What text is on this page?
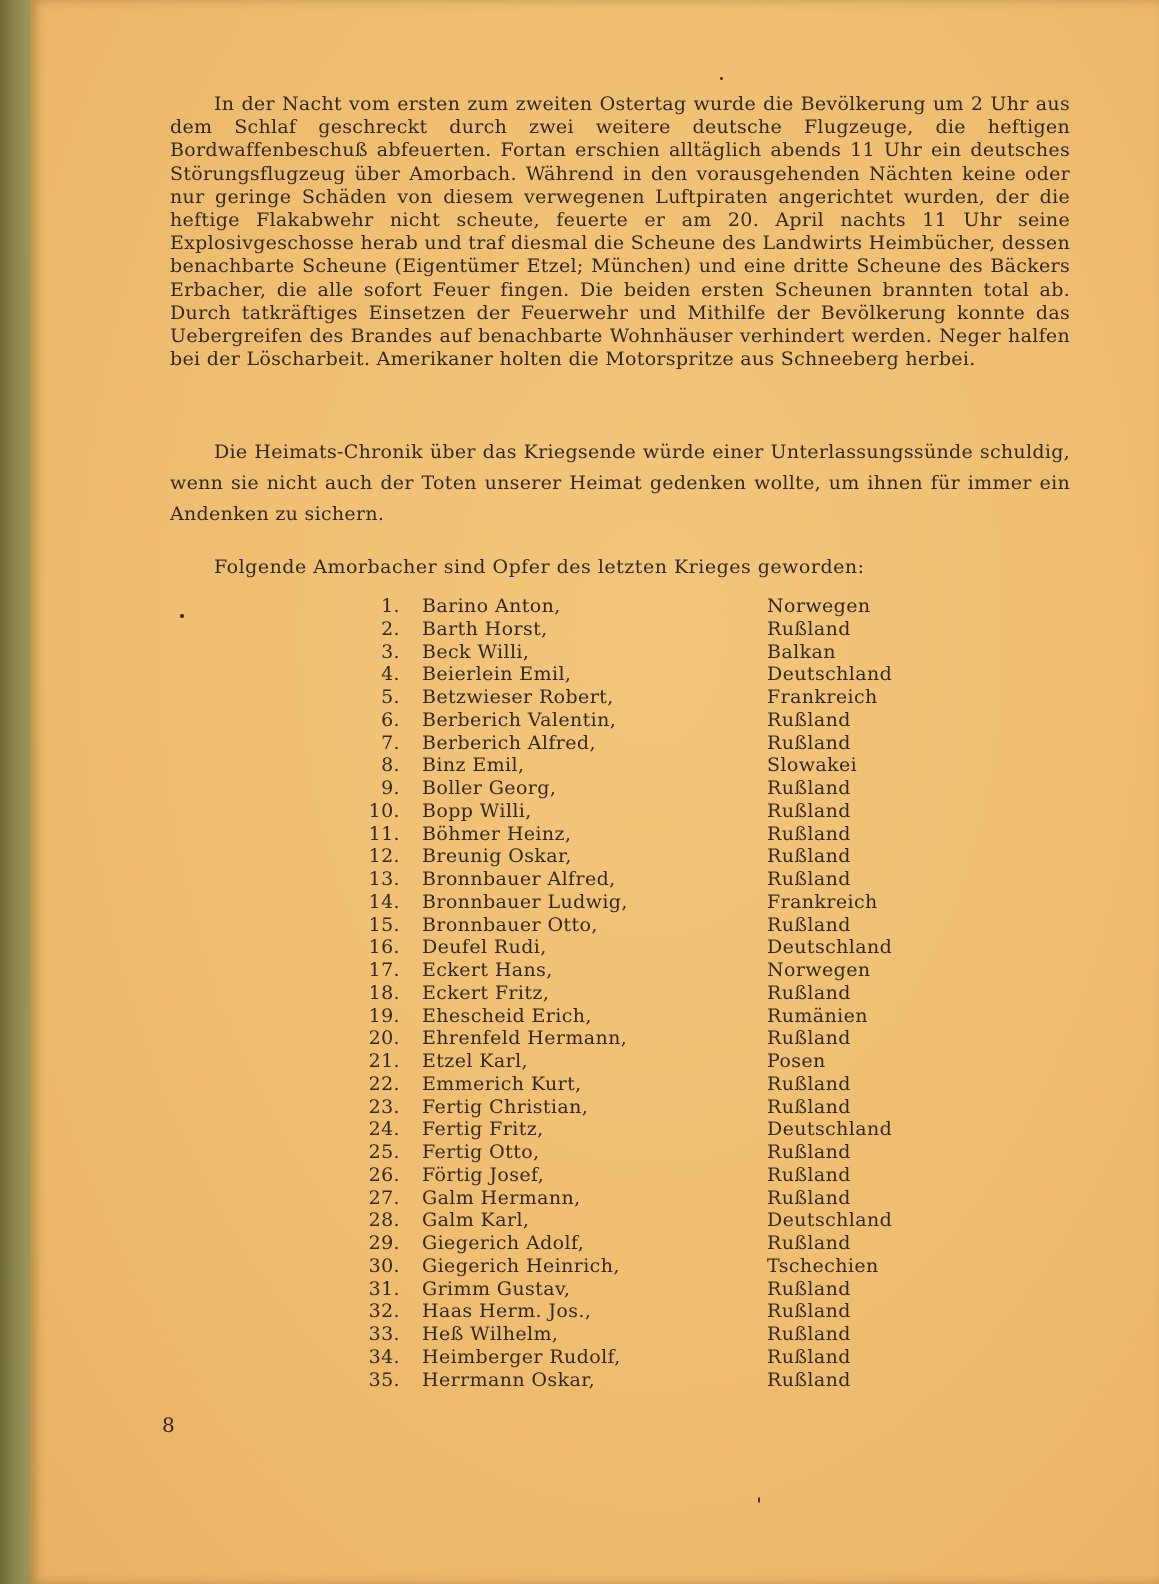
In der Nacht vom ersten zum zweiten Ostertag wurde die Bevölkerung um 2 Uhr aus dem Schlaf geschreckt durch zwei weitere deutsche Flugzeuge, die heftigen Bordwaffenbeschuß abfeuerten. Fortan erschien alltäglich abends 11 Uhr ein deutsches Störungsflugzeug über Amorbach. Während in den vorausgehenden Nächten keine oder nur geringe Schäden von diesem verwegenen Luftpiraten angerichtet wurden, der die heftige Flakabwehr nicht scheute, feuerte er am 20. April nachts 11 Uhr seine Explosivgeschosse herab und traf diesmal die Scheune des Landwirts Heimbücher, dessen benachbarte Scheune (Eigentümer Etzel; München) und eine dritte Scheune des Bäckers Erbacher, die alle sofort Feuer fingen. Die beiden ersten Scheunen brannten total ab. Durch tatkräftiges Einsetzen der Feuerwehr und Mithilfe der Bevölkerung konnte das Uebergreifen des Brandes auf benachbarte Wohnhäuser verhindert werden. Neger halfen bei der Löscharbeit. Amerikaner holten die Motorspritze aus Schneeberg herbei.

Die Heimats-Chronik über das Kriegsende würde einer Unterlassungssünde schuldig, wenn sie nicht auch der Toten unserer Heimat gedenken wollte, um ihnen für immer ein Andenken zu sichern.

Folgende Amorbacher sind Opfer des letzten Krieges geworden:
1.	Barino Anton,	Norwegen
2.	Barth Horst,	Rußland
3.	Beck Willi,	Balkan
4.	Beierlein Emil,	Deutschland
5.	Betzwieser Robert,	Frankreich
6.	Berberich Valentin,	Rußland
7.	Berberich Alfred,	Rußland
8.	Binz Emil,	Slowakei
9.	Boller Georg,	Rußland
10.	Bopp Willi,	Rußland
11.	Böhmer Heinz,	Rußland
12.	Breunig Oskar,	Rußland
13.	Bronnbauer Alfred,	Rußland
14.	Bronnbauer Ludwig,	Frankreich
15.	Bronnbauer Otto,	Rußland
16.	Deufel Rudi,	Deutschland
17.	Eckert Hans,	Norwegen
18.	Eckert Fritz,	Rußland
19.	Ehescheid Erich,	Rumänien
20.	Ehrenfeld Hermann,	Rußland
21.	Etzel Karl,	Posen
22.	Emmerich Kurt,	Rußland
23.	Fertig Christian,	Rußland
24.	Fertig Fritz,	Deutschland
25.	Fertig Otto,	Rußland
26.	Förtig Josef,	Rußland
27.	Galm Hermann,	Rußland
28.	Galm Karl,	Deutschland
29.	Giegerich Adolf,	Rußland
30.	Giegerich Heinrich,	Tschechien
31.	Grimm Gustav,	Rußland
32.	Haas Herm. Jos.,	Rußland
33.	Heß Wilhelm,	Rußland
34.	Heimberger Rudolf,	Rußland
35.	Herrmann Oskar,	Rußland
8
